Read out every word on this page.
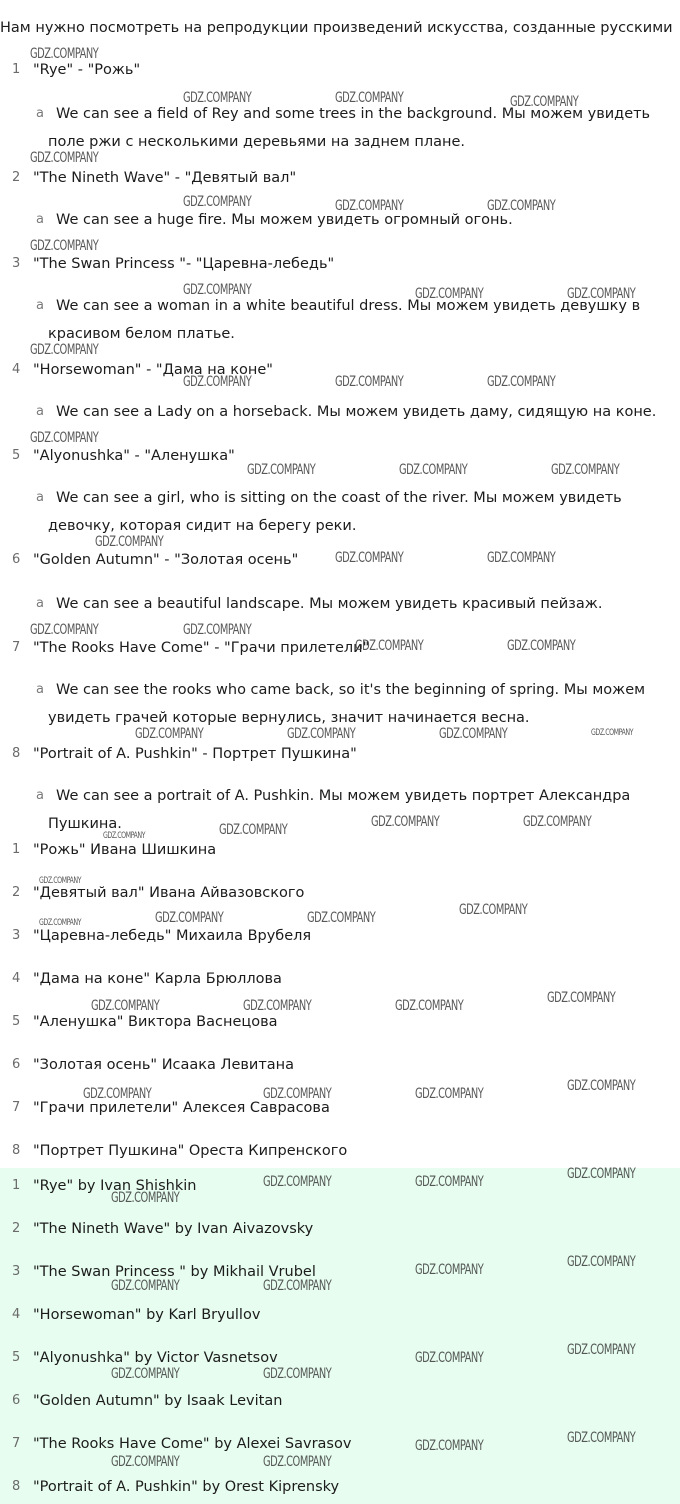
Нам нужно посмотреть на репродукции произведений искусства, созданные русскими
1 "Rye" - "Рожь"
a We can see a field of Rey and some trees in the background. Мы можем увидеть поле ржи с несколькими деревьями на заднем плане.
2 "The Nineth Wave" - "Девятый вал"
a We can see a huge fire. Мы можем увидеть огромный огонь.
3 "The Swan Princess "- "Царевна-лебедь"
a We can see a woman in a white beautiful dress. Мы можем увидеть девушку в красивом белом платье.
4 "Horsewoman" - "Дама на коне"
a We can see a Lady on a horseback. Мы можем увидеть даму, сидящую на коне.
5 "Alyonushka" - "Аленушка"
a We can see a girl, who is sitting on the coast of the river. Мы можем увидеть девочку, которая сидит на берегу реки.
6 "Golden Autumn" - "Золотая осень"
a We can see a beautiful landscape. Мы можем увидеть красивый пейзаж.
7 "The Rooks Have Come" - "Грачи прилетели"
a We can see the rooks who came back, so it's the beginning of spring. Мы можем увидеть грачей которые вернулись, значит начинается весна.
8 "Portrait of A. Pushkin" - Портрет Пушкина"
a We can see a portrait of A. Pushkin. Мы можем увидеть портрет Александра Пушкина.
1 "Рожь" Ивана Шишкина
2 "Девятый вал" Ивана Айвазовского
3 "Царевна-лебедь" Михаила Врубеля
4 "Дама на коне" Карла Брюллова
5 "Аленушка" Виктора Васнецова
6 "Золотая осень" Исаака Левитана
7 "Грачи прилетели" Алексея Саврасова
8 "Портрет Пушкина" Ореста Кипренского
1 "Rye" by Ivan Shishkin
2 "The Nineth Wave" by Ivan Aivazovsky
3 "The Swan Princess " by Mikhail Vrubel
4 "Horsewoman" by Karl Bryullov
5 "Alyonushka" by Victor Vasnetsov
6 "Golden Autumn" by Isaak Levitan
7 "The Rooks Have Come" by Alexei Savrasov
8 "Portrait of A. Pushkin" by Orest Kiprensky
GDZ.COMPANY
GDZ.COMPANY	GDZ.COMPANY	GDZ.COMPANY
GDZ.COMPANY
GDZ.COMPANY	GDZ.COMPANY	GDZ.COMPANY
GDZ.COMPANY
GDZ.COMPANY	GDZ.COMPANY	GDZ.COMPANY
GDZ.COMPANY
GDZ.COMPANY	GDZ.COMPANY	GDZ.COMPANY
GDZ.COMPANY
GDZ.COMPANY	GDZ.COMPANY	GDZ.COMPANY
GDZ.COMPANY
GDZ.COMPANY	GDZ.COMPANY
GDZ.COMPANY	GDZ.COMPANY
GDZ.COMPANY	GDZ.COMPANY
GDZ.COMPANY	GDZ.COMPANY	GDZ.COMPANY
GDZ.COMPANY	GDZ.COMPANY	GDZ.COMPANY
GDZ.COMPANY	GDZ.COMPANY	GDZ.COMPANY
GDZ.COMPANY	GDZ.COMPANY	GDZ.COMPANY	GDZ.COMPANY
GDZ.COMPANY	GDZ.COMPANY	GDZ.COMPANY	GDZ.COMPANY
GDZ.COMPANY	GDZ.COMPANY	GDZ.COMPANY
GDZ.COMPANY
GDZ.COMPANY	GDZ.COMPANY
GDZ.COMPANY	GDZ.COMPANY
GDZ.COMPANY	GDZ.COMPANY
GDZ.COMPANY	GDZ.COMPANY
GDZ.COMPANY	GDZ.COMPANY
GDZ.COMPANY	GDZ.COMPANY
GDZ.COMPANY
GDZ.COMPANY
GDZ.COMPANY
GDZ.COMPANY
